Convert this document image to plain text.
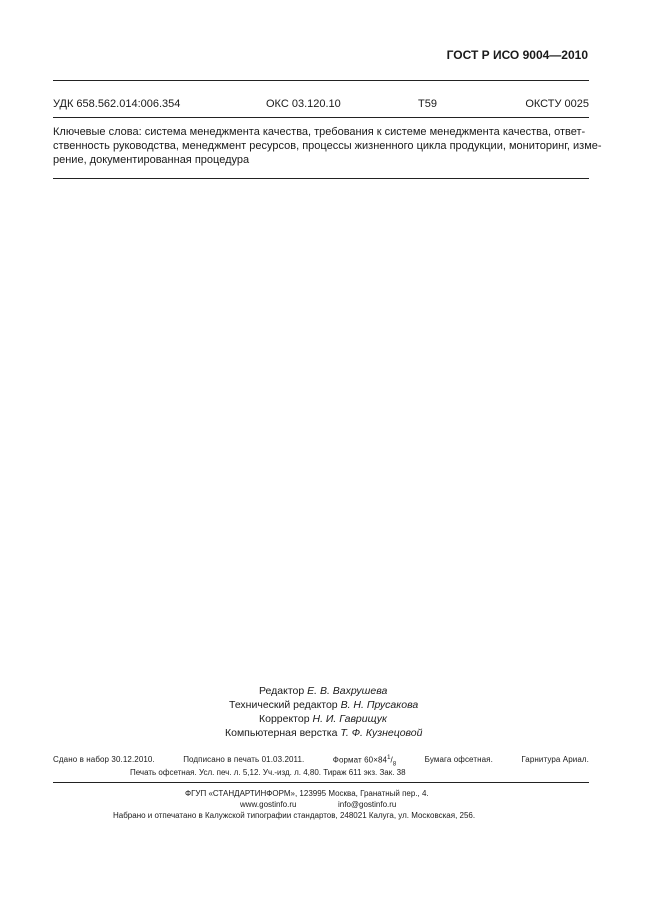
ГОСТ Р ИСО 9004—2010
УДК 658.562.014:006.354	ОКС 03.120.10	Т59	ОКСТУ 0025
Ключевые слова: система менеджмента качества, требования к системе менеджмента качества, ответ-
ственность руководства, менеджмент ресурсов, процессы жизненного цикла продукции, мониторинг, изме-
рение, документированная процедура
Редактор Е. В. Вахрушева
Технический редактор В. Н. Прусакова
Корректор Н. И. Гаврищук
Компьютерная верстка Т. Ф. Кузнецовой
Сдано в набор 30.12.2010.	Подписано в печать 01.03.2011.	Формат $60\times 84^1/_8$
Бумага офсетная.	Гарнитура Ариал.
Печать офсетная. Усл. печ. л. 5,12. Уч.-изд. л. 4,80. Тираж 611 экз. Зак. 38
ФГУП «СТАНДАРТИНФОРМ», 123995 Москва, Гранатный пер., 4.
www.gostinfo.ru	info@gostinfo.ru
Набрано и отпечатано в Калужской типографии стандартов, 248021 Калуга, ул. Московская, 256.
